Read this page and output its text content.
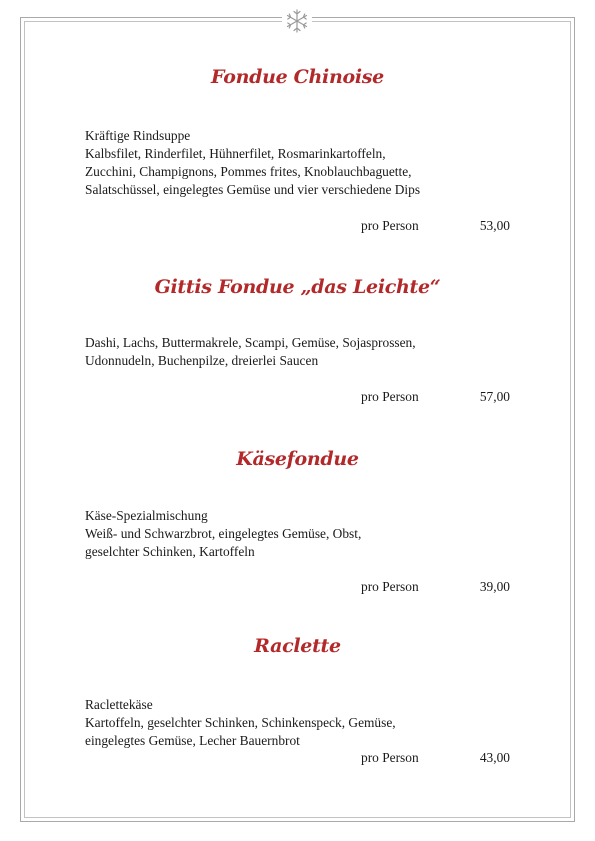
Fondue Chinoise
Kräftige Rindsuppe
Kalbsfilet, Rinderfilet, Hühnerfilet, Rosmarinkartoffeln,
Zucchini, Champignons, Pommes frites, Knoblauchbaguette,
Salatschüssel, eingelegtes Gemüse und vier verschiedene Dips
pro Person	53,00
Gittis Fondue „das Leichte“
Dashi, Lachs, Buttermakrele, Scampi, Gemüse, Sojasprossen,
Udonnudeln, Buchenpilze, dreierlei Saucen
pro Person	57,00
Käsefondue
Käse-Spezialmischung
Weiß- und Schwarzbrot, eingelegtes Gemüse, Obst,
geselchter Schinken, Kartoffeln
pro Person	39,00
Raclette
Raclettekäse
Kartoffeln, geselchter Schinken, Schinkenspeck, Gemüse,
eingelegtes Gemüse, Lecher Bauernbrot
pro Person	43,00
